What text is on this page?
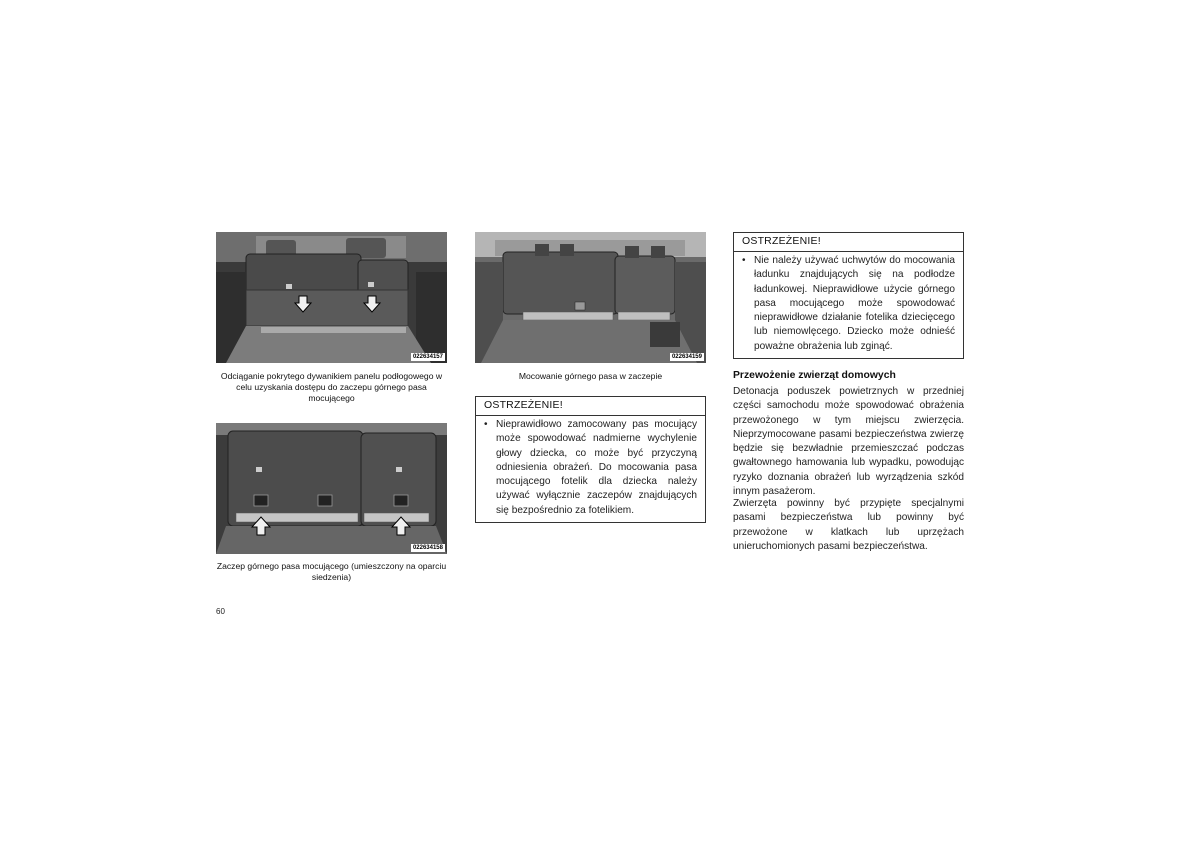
022634157
Odciąganie pokrytego dywanikiem panelu podłogowego w celu uzyskania dostępu do zaczepu górnego pasa mocującego
022634159
Mocowanie górnego pasa w zaczepie
022634158
Zaczep górnego pasa mocującego (umieszczony na oparciu siedzenia)
OSTRZEŻENIE!
• Nieprawidłowo zamocowany pas mocujący może spowodować nadmierne wychylenie głowy dziecka, co może być przyczyną odniesienia obrażeń. Do mocowania pasa mocującego fotelik dla dziecka należy używać wyłącznie zaczepów znajdujących się bezpośrednio za fotelikiem.
OSTRZEŻENIE!
• Nie należy używać uchwytów do mocowania ładunku znajdujących się na podłodze ładunkowej. Nieprawidłowe użycie górnego pasa mocującego może spowodować nieprawidłowe działanie fotelika dziecięcego lub niemowlęcego. Dziecko może odnieść poważne obrażenia lub zginąć.
Przewożenie zwierząt domowych
Detonacja poduszek powietrznych w przedniej części samochodu może spowodować obrażenia przewożonego w tym miejscu zwierzęcia. Nieprzymocowane pasami bezpieczeństwa zwierzę będzie się bezwładnie przemieszczać podczas gwałtownego hamowania lub wypadku, powodując ryzyko doznania obrażeń lub wyrządzenia szkód innym pasażerom.
Zwierzęta powinny być przypięte specjalnymi pasami bezpieczeństwa lub powinny być przewożone w klatkach lub uprzężach unieruchomionych pasami bezpieczeństwa.
60
